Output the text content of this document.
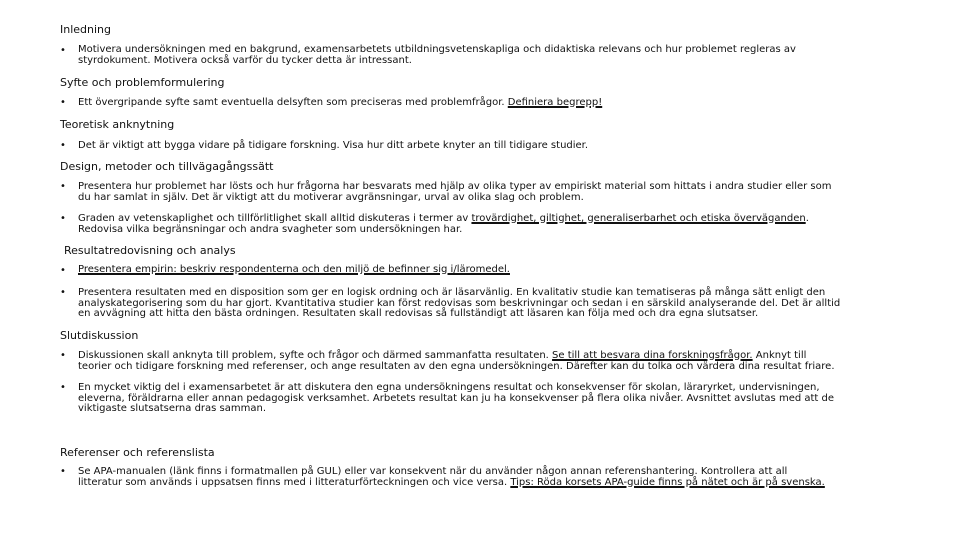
Inledning
• Motivera undersökningen med en bakgrund, examensarbetets utbildningsvetenskapliga och didaktiska relevans och hur problemet regleras av
styrdokument. Motivera också varför du tycker detta är intressant.
Syfte och problemformulering
• Ett övergripande syfte samt eventuella delsyften som preciseras med problemfrågor. Definiera begrepp!
Teoretisk anknytning
• Det är viktigt att bygga vidare på tidigare forskning. Visa hur ditt arbete knyter an till tidigare studier.
Design, metoder och tillvägagångssätt
• Presentera hur problemet har lösts och hur frågorna har besvarats med hjälp av olika typer av empiriskt material som hittats i andra studier eller som
du har samlat in själv. Det är viktigt att du motiverar avgränsningar, urval av olika slag och problem.
• Graden av vetenskaplighet och tillförlitlighet skall alltid diskuteras i termer av trovärdighet, giltighet, generaliserbarhet och etiska överväganden.
Redovisa vilka begränsningar och andra svagheter som undersökningen har.
Resultatredovisning och analys
• Presentera empirin: beskriv respondenterna och den miljö de befinner sig i/läromedel.
• Presentera resultaten med en disposition som ger en logisk ordning och är läsarvänlig. En kvalitativ studie kan tematiseras på många sätt enligt den
analyskategorisering som du har gjort. Kvantitativa studier kan först redovisas som beskrivningar och sedan i en särskild analyserande del. Det är alltid
en avvägning att hitta den bästa ordningen. Resultaten skall redovisas så fullständigt att läsaren kan följa med och dra egna slutsatser.
Slutdiskussion
• Diskussionen skall anknyta till problem, syfte och frågor och därmed sammanfatta resultaten. Se till att besvara dina forskningsfrågor. Anknyt till
teorier och tidigare forskning med referenser, och ange resultaten av den egna undersökningen. Därefter kan du tolka och värdera dina resultat friare.
• En mycket viktig del i examensarbetet är att diskutera den egna undersökningens resultat och konsekvenser för skolan, läraryrket, undervisningen,
eleverna, föräldrarna eller annan pedagogisk verksamhet. Arbetets resultat kan ju ha konsekvenser på flera olika nivåer. Avsnittet avslutas med att de
viktigaste slutsatserna dras samman.
Referenser och referenslista
• Se APA-manualen (länk finns i formatmallen på GUL) eller var konsekvent när du använder någon annan referenshantering. Kontrollera att all
litteratur som används i uppsatsen finns med i litteraturförteckningen och vice versa. Tips: Röda korsets APA-guide finns på nätet och är på svenska.
